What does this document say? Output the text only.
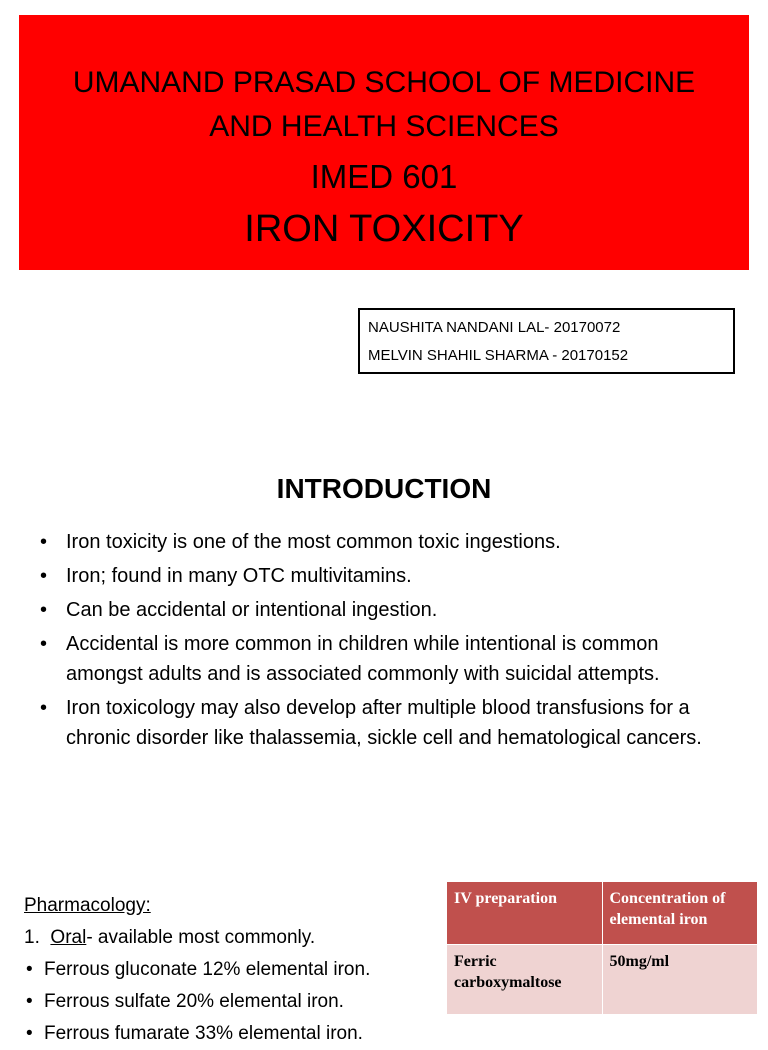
UMANAND PRASAD SCHOOL OF MEDICINE
AND HEALTH SCIENCES
IMED 601
IRON TOXICITY
NAUSHITA NANDANI LAL- 20170072
MELVIN SHAHIL SHARMA - 20170152
INTRODUCTION
• Iron toxicity is one of the most common toxic ingestions.
• Iron; found in many OTC multivitamins.
• Can be accidental or intentional ingestion.
• Accidental is more common in children while intentional is common amongst adults and is associated commonly with suicidal attempts.
• Iron toxicology may also develop after multiple blood transfusions for a chronic disorder like thalassemia, sickle cell and hematological cancers.
Pharmacology:
1. Oral- available most commonly.
• Ferrous gluconate 12% elemental iron.
• Ferrous sulfate 20% elemental iron.
• Ferrous fumarate 33% elemental iron.
IV preparation	Concentration of elemental iron
Ferric carboxymaltose	50mg/ml
